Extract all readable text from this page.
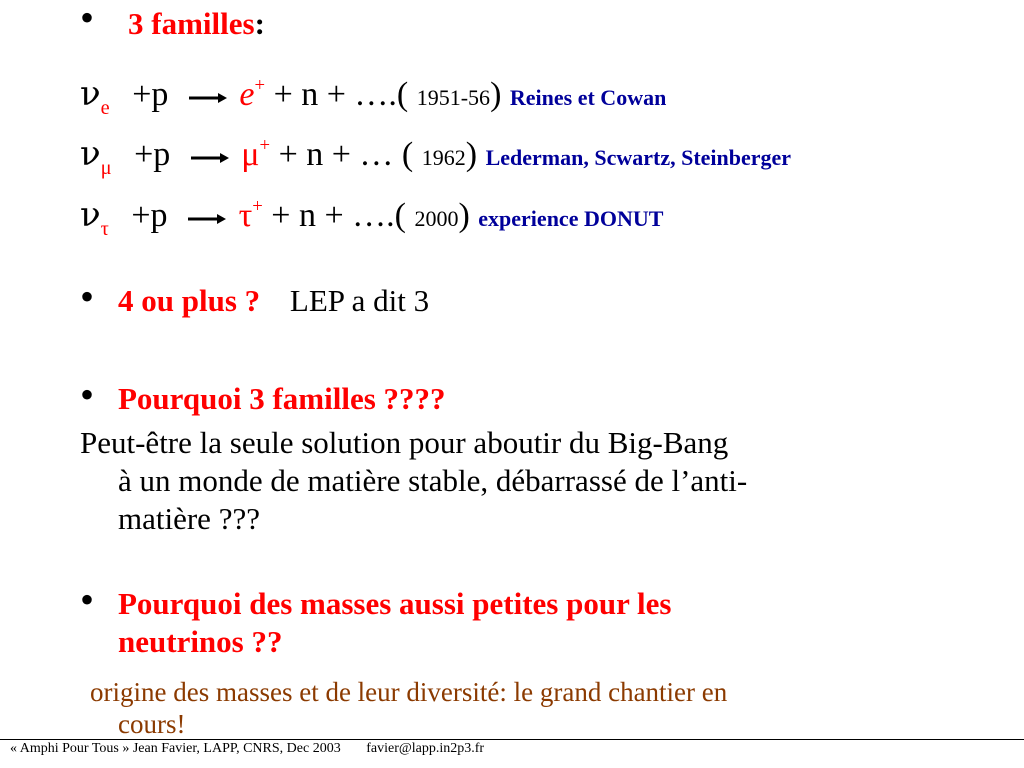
• 3 familles:
$\nu_e +p \to e^+ + n$ + ….( 1951-56) Reines et Cowan
$\nu_\mu +p \to \mu^+ + n$ + … ( 1962) Lederman, Scwartz, Steinberger
$\nu_\tau +p \to \tau^+ + n$ + ….( 2000) experience DONUT
• 4 ou plus ? LEP a dit 3
• Pourquoi 3 familles ????
Peut-être la seule solution pour aboutir du Big-Bang
à un monde de matière stable, débarrassé de l’anti-
matière ???
• Pourquoi des masses aussi petites pour les
neutrinos ??
origine des masses et de leur diversité: le grand chantier en
cours!
« Amphi Pour Tous » Jean Favier, LAPP, CNRS, Dec 2003 favier@lapp.in2p3.fr
